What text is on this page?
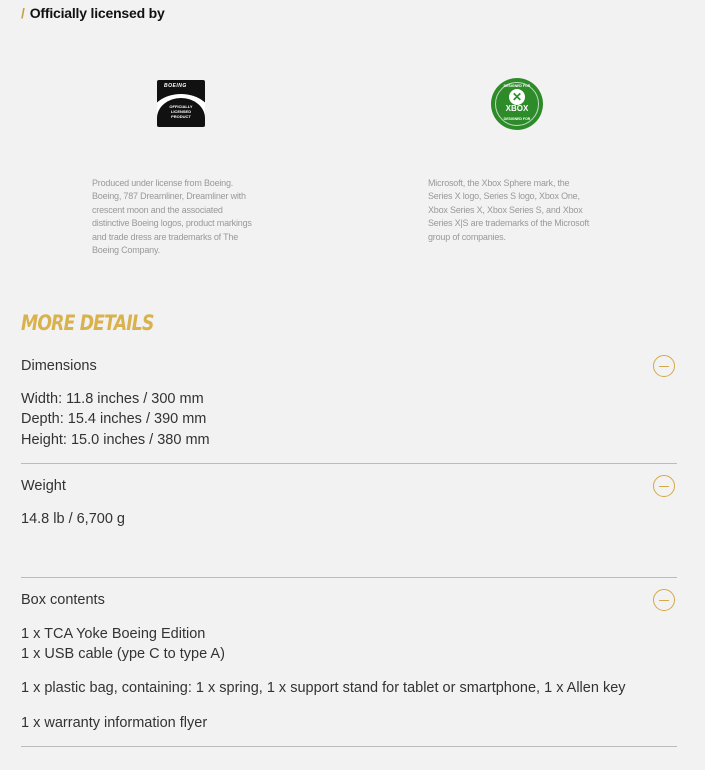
/ Officially licensed by
BOEING
OFFICIALLY
LICENSED
PRODUCT
DESIGNED FOR
✕
XBOX
DESIGNED FOR
Produced under license from Boeing.
Boeing, 787 Dreamliner, Dreamliner with
crescent moon and the associated
distinctive Boeing logos, product markings
and trade dress are trademarks of The
Boeing Company.
Microsoft, the Xbox Sphere mark, the
Series X logo, Series S logo, Xbox One,
Xbox Series X, Xbox Series S, and Xbox
Series X|S are trademarks of the Microsoft
group of companies.
MORE DETAILS
Dimensions
Width: 11.8 inches / 300 mm
Depth: 15.4 inches / 390 mm
Height: 15.0 inches / 380 mm
Weight
14.8 lb / 6,700 g
Box contents
1 x TCA Yoke Boeing Edition
1 x USB cable (ype C to type A)
1 x plastic bag, containing: 1 x spring, 1 x support stand for tablet or smartphone, 1 x Allen key
1 x warranty information flyer
